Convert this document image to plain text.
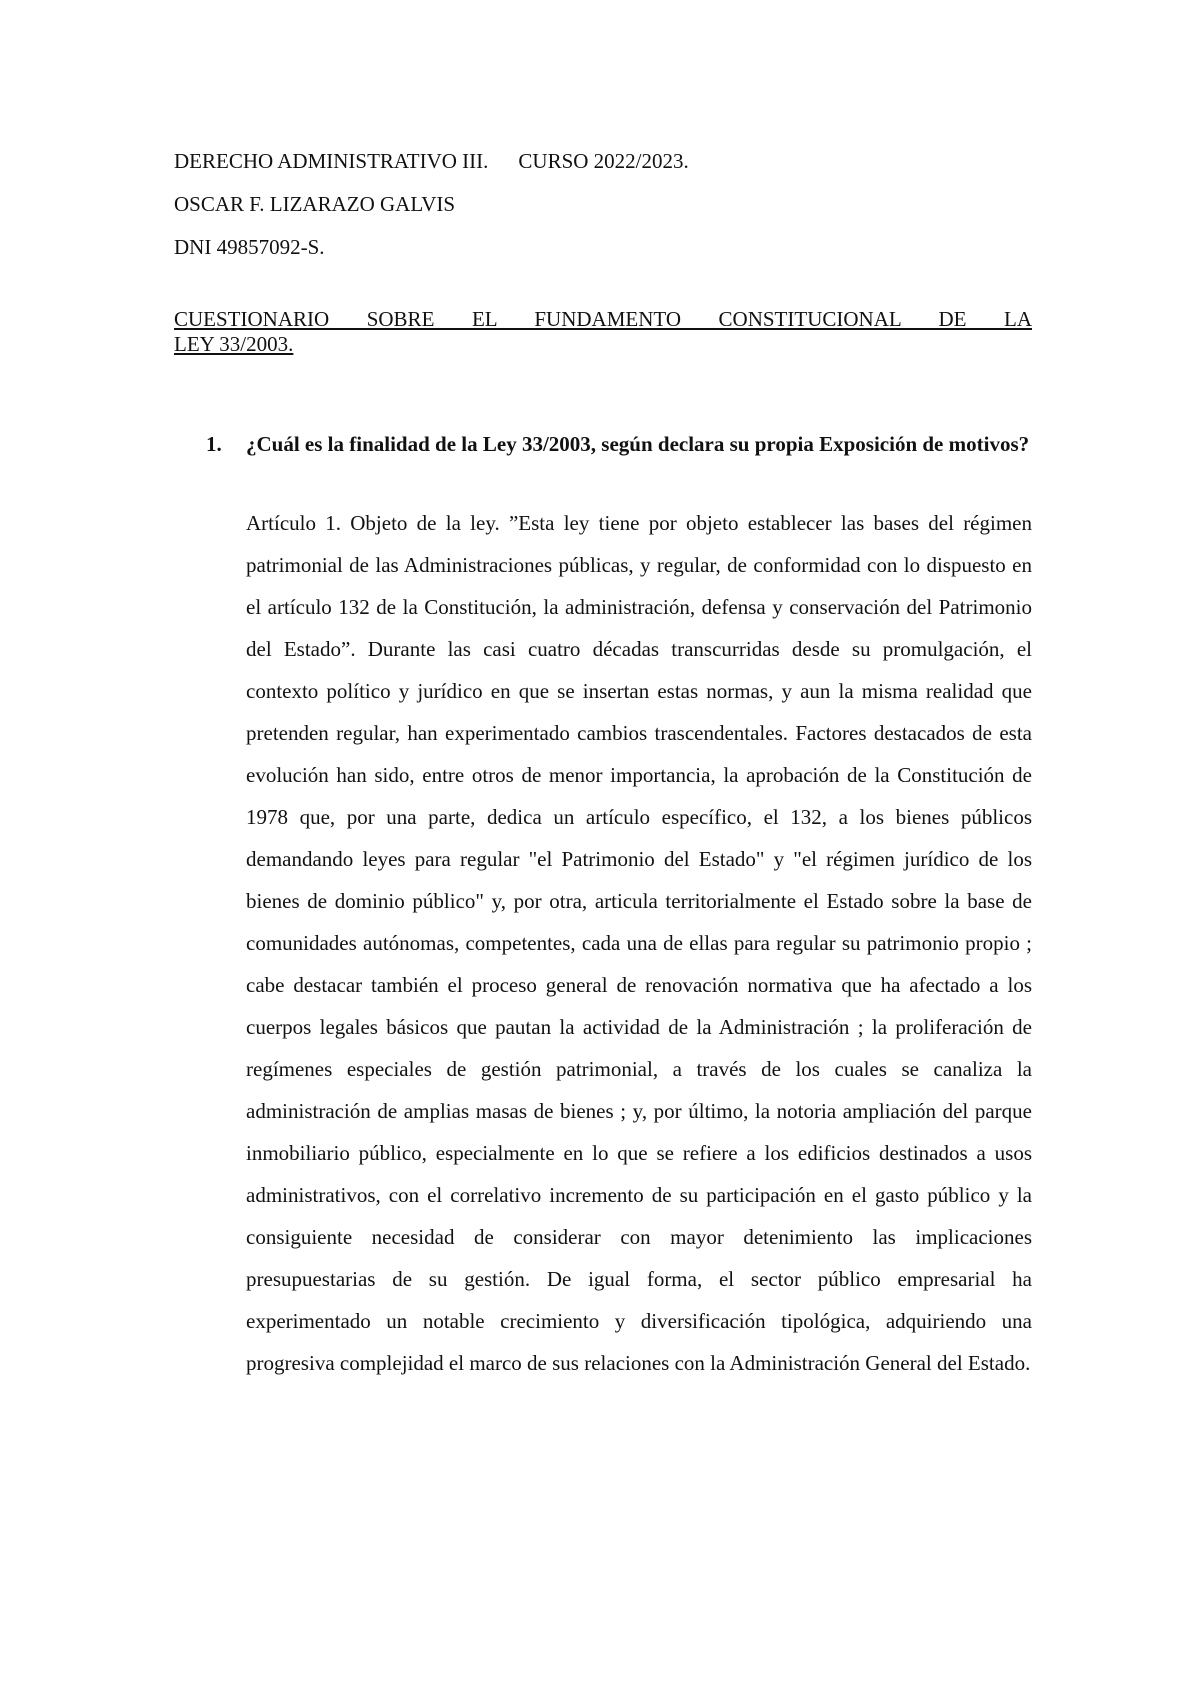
DERECHO ADMINISTRATIVO III. CURSO 2022/2023.
OSCAR F. LIZARAZO GALVIS
DNI 49857092-S.
CUESTIONARIO SOBRE EL FUNDAMENTO CONSTITUCIONAL DE LA
LEY 33/2003.
1. ¿Cuál es la finalidad de la Ley 33/2003, según declara su propia Exposición de motivos?

Artículo 1. Objeto de la ley. ”Esta ley tiene por objeto establecer las bases del régimen patrimonial de las Administraciones públicas, y regular, de conformidad con lo dispuesto en el artículo 132 de la Constitución, la administración, defensa y conservación del Patrimonio del Estado”. Durante las casi cuatro décadas transcurridas desde su promulgación, el contexto político y jurídico en que se insertan estas normas, y aun la misma realidad que pretenden regular, han experimentado cambios trascendentales. Factores destacados de esta evolución han sido, entre otros de menor importancia, la aprobación de la Constitución de 1978 que, por una parte, dedica un artículo específico, el 132, a los bienes públicos demandando leyes para regular "el Patrimonio del Estado" y "el régimen jurídico de los bienes de dominio público" y, por otra, articula territorialmente el Estado sobre la base de comunidades autónomas, competentes, cada una de ellas para regular su patrimonio propio ; cabe destacar también el proceso general de renovación normativa que ha afectado a los cuerpos legales básicos que pautan la actividad de la Administración ; la proliferación de regímenes especiales de gestión patrimonial, a través de los cuales se canaliza la administración de amplias masas de bienes ; y, por último, la notoria ampliación del parque inmobiliario público, especialmente en lo que se refiere a los edificios destinados a usos administrativos, con el correlativo incremento de su participación en el gasto público y la consiguiente necesidad de considerar con mayor detenimiento las implicaciones presupuestarias de su gestión. De igual forma, el sector público empresarial ha experimentado un notable crecimiento y diversificación tipológica, adquiriendo una progresiva complejidad el marco de sus relaciones con la Administración General del Estado.
